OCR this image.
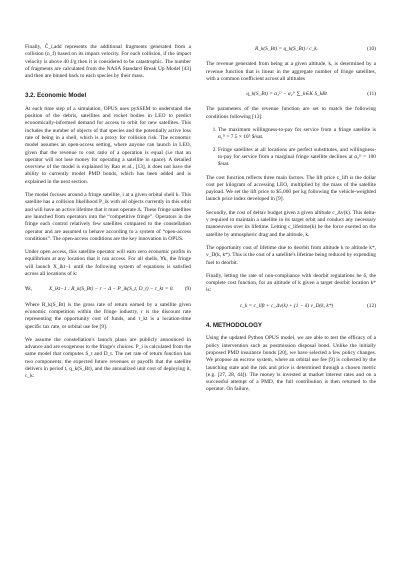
Finally, Ĉ_i,add represents the additional fragments generated from a collision (n_f) based on its impact velocity. For each collision, if the impact velocity is above 40 J/g then it is considered to be catastrophic. The number of fragments are calculated from the NASA Standard Break Up Model [43] and then are binned back to each species by their mass.

3.2. Economic Model

At each time step of a simulation, OPUS uses pySSEM to understand the position of the debris, satellites and rocket bodies in LEO to predict economically-informed demand for access to orbit for new satellites. This includes the number of objects of that species and the potentially active loss rate of being in a shell, which is a proxy for collision risk. The economic model assumes an open-access setting, where anyone can launch in LEO, given that the revenue to cost ratio of a operation is equal (i.e that an operator will not lose money for operating a satellite in space). A detailed overview of the model is explained by Rao et al., [13], it does not have the ability to currently model PMD bonds, which has been added and is explained in the next section.

The model focuses around a fringe satellite, i at a given orbital shell k. This satellite has a collision likelihood P_ik with all objects currently in this orbit and will have an active lifetime that it must operate Δ. These fringe satellites are launched from operators into the “competitive fringe”. Operators in the fringe each control relatively few satellites compared to the constellation operator and are assumed to behave according to a system of “open-access conditions”. The open-access conditions are the key innovation in OPUS.

Under open access, this satellite operator will earn zero economic profits in equilibrium at any location that it can access. For all shells, ∀k, the fringe will launch X_ikt−1 until the following system of equations is satisfied across all locations of k:

∀k,	X_ikt−1 : R_k(S_Bt) − r − Δ − P_ik(S_t, D_t) − τ_kt = 0.	(9)

Where R_k(S_Bt) is the gross rate of return earned by a satellite given economic competition within the fringe industry, r is the discount rate representing the opportunity cost of funds, and τ_kt is a location-time specific tax rate, or orbital use fee [9].

We assume the constellation's launch plans are publicly announced in advance and are exogenous to the fringe's choices. P_i is calculated from the same model that computes S_t and D_t. The net rate of return function has two components: the expected future revenues or payoffs that the satellite delivers in period t, q_k(S_Bt), and the annualized unit cost of deploying it, c_k:

R_k(S_Bt) = q_k(S_Bt) / c_k.	(10)

The revenue generated from being at a given altitude, k, is determined by a revenue function that is linear in the aggregate number of fringe satellites, with a common coefficient across all altitudes

q_k(S_Bt) = α₁ᴰ − α₂ᴰ ∑_k∈K S_kBt	(11)

The parameters of the revenue function are set to match the following conditions following [13]:

1. The maximum willingness-to-pay for service from a fringe satellite is α₁ᴰ = 7.5 × 10⁵ $/sat.
2. Fringe satellites at all locations are perfect substitutes, and willingness-to-pay for service from a marginal fringe satellite declines at α₂ᴰ = 100 $/sat.

The cost function reflects three main factors. The lift price c_lift is the dollar cost per kilogram of accessing LEO, multiplied by the mass of the satellite payload. We set the lift price to $5,000 per kg following the vehicle-weighted launch price index developed in [9].

Secondly, the cost of deltav budget given a given altitude c_Δv(k). This delta-v required to maintain a satellite in its target orbit and conduct any necessary manoeuvres over its lifetime. Letting c_lifetime(k) be the force exerted on the satellite by atmospheric drag and the altitude, k.

The opportunity cost of lifetime due to deorbit from altitude k to altitude k*, v_D(k, k*). This is the cost of a satellite's lifetime being reduced by expending fuel to deorbit.

Finally, letting the rate of non-compliance with deorbit regulations be δ, the complete cost function, for an altitude of k given a target deorbit location k* is:

c_k = c_lift + c_Δv(k) + (1 − δ) v_D(k, k*)	(12)
4. METHODOLOGY

Using the updated Python OPUS model, we are able to test the efficacy of a policy intervention such as postmission disposal bond. Unlike the initially proposed PMD insurance bonds [20], we have selected a few policy changes. We propose an escrow system, where an orbital use fee [9] is collected by the launching state and the risk and price is determined through a chosen metric (e.g. [27, 28, 44]). The money is invested at market interest rates and on a successful attempt of a PMD, the full contribution is then returned to the operator. On failure,
